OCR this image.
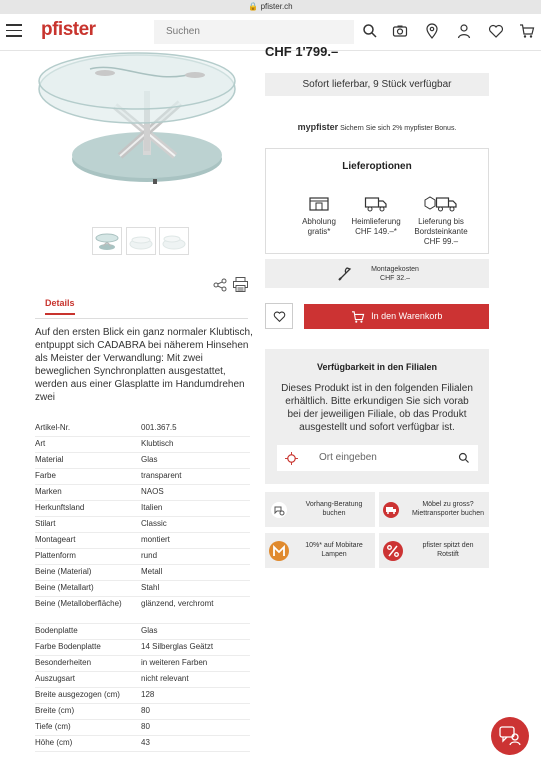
🔒 pfister.ch
pfister	Suchen
Details
Auf den ersten Blick ein ganz normaler Klubtisch, entpuppt sich CADABRA bei näherem Hinsehen als Meister der Verwandlung: Mit zwei beweglichen Synchronplatten ausgestattet, werden aus einer Glasplatte im Handumdrehen zwei
Artikel-Nr.	001.367.5
Art	Klubtisch
Material	Glas
Farbe	transparent
Marken	NAOS
Herkunftsland	Italien
Stilart	Classic
Montageart	montiert
Plattenform	rund
Beine (Material)	Metall
Beine (Metallart)	Stahl
Beine (Metalloberfläche)	glänzend, verchromt
Bodenplatte	Glas
Farbe Bodenplatte	14 Silberglas Geätzt
Besonderheiten	in weiteren Farben
Auszugsart	nicht relevant
Breite ausgezogen (cm)	128
Breite (cm)	80
Tiefe (cm)	80
Höhe (cm)	43
CHF 1'799.–
Sofort lieferbar, 9 Stück verfügbar
mypfister Sichern Sie sich 2% mypfister Bonus.
Lieferoptionen
Abholung
gratis*
Heimlieferung
CHF 149.–*
Lieferung bis
Bordsteinkante
CHF 99.–
Montagekosten
CHF 32.–
In den Warenkorb
Verfügbarkeit in den Filialen
Dieses Produkt ist in den folgenden Filialen erhältlich. Bitte erkundigen Sie sich vorab bei der jeweiligen Filiale, ob das Produkt ausgestellt und sofort verfügbar ist.
Ort eingeben
Vorhang-Beratung
buchen
Möbel zu gross?
Miettransporter buchen
10%* auf Mobitare
Lampen
pfister spitzt den
Rotstift
